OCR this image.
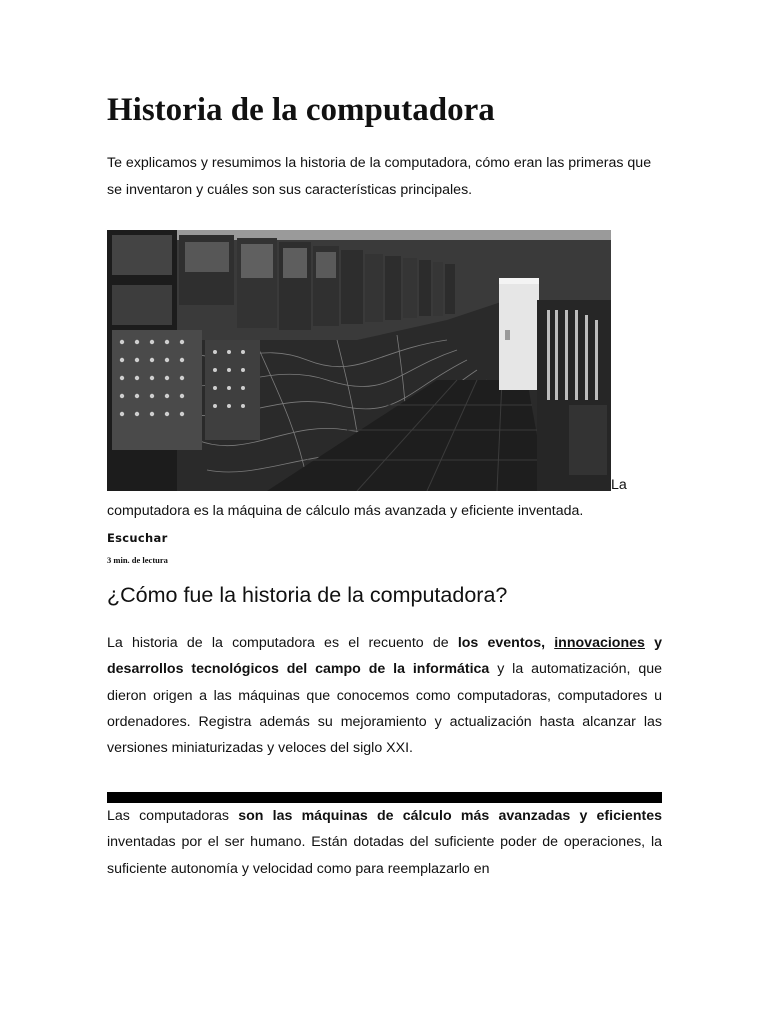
Historia de la computadora

Te explicamos y resumimos la historia de la computadora, cómo eran las primeras que se inventaron y cuáles son sus características principales.

La
computadora es la máquina de cálculo más avanzada y eficiente inventada.
Escuchar
3 min. de lectura
¿Cómo fue la historia de la computadora?

La historia de la computadora es el recuento de los eventos, innovaciones y desarrollos tecnológicos del campo de la informática y la automatización, que dieron origen a las máquinas que conocemos como computadoras, computadores u ordenadores. Registra además su mejoramiento y actualización hasta alcanzar las versiones miniaturizadas y veloces del siglo XXI.

Las computadoras son las máquinas de cálculo más avanzadas y eficientes inventadas por el ser humano. Están dotadas del suficiente poder de operaciones, la suficiente autonomía y velocidad como para reemplazarlo en
